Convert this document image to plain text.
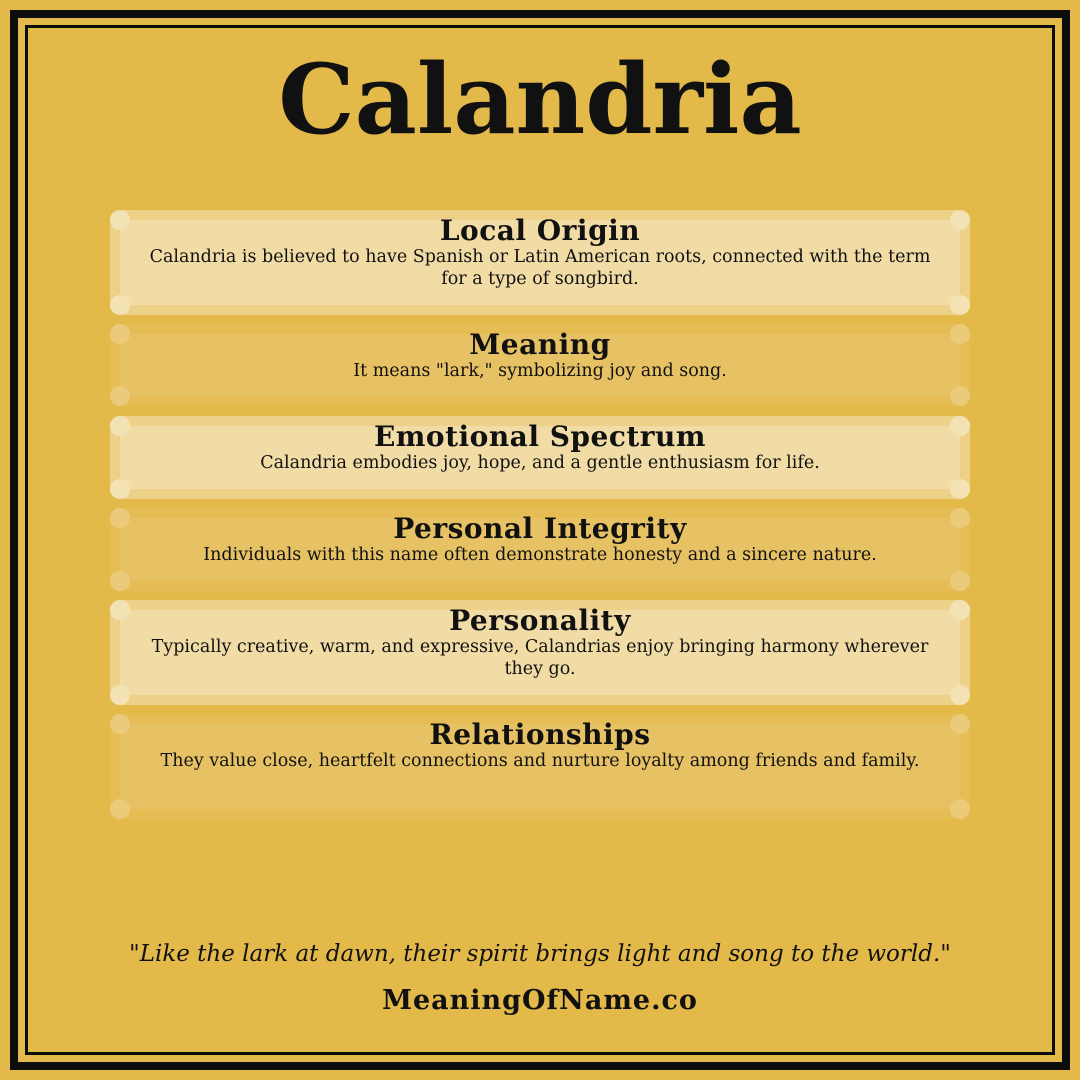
Calandria
Local Origin

Calandria is believed to have Spanish or Latin American roots, connected with the term for a type of songbird.

Meaning

It means "lark," symbolizing joy and song.

Emotional Spectrum

Calandria embodies joy, hope, and a gentle enthusiasm for life.

Personal Integrity

Individuals with this name often demonstrate honesty and a sincere nature.

Personality

Typically creative, warm, and expressive, Calandrias enjoy bringing harmony wherever they go.

Relationships

They value close, heartfelt connections and nurture loyalty among friends and family.

"Like the lark at dawn, their spirit brings light and song to the world."
MeaningOfName.co
